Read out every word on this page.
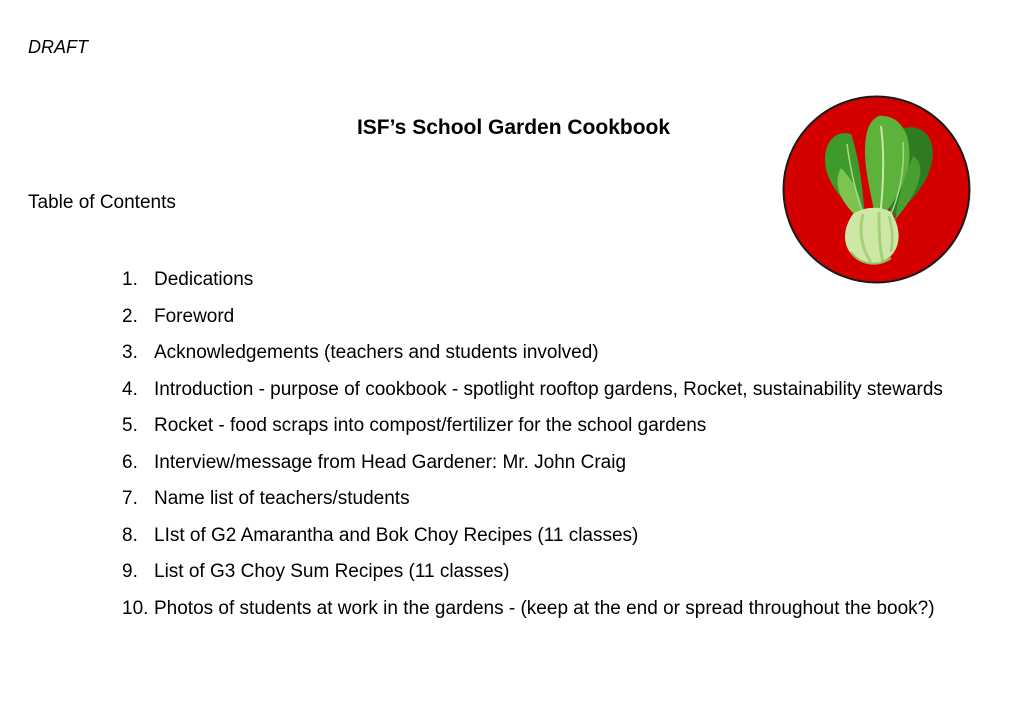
DRAFT
ISF’s School Garden Cookbook
Table of Contents
1. Dedications
2. Foreword
3. Acknowledgements (teachers and students involved)
4. Introduction - purpose of cookbook - spotlight rooftop gardens, Rocket, sustainability stewards
5. Rocket - food scraps into compost/fertilizer for the school gardens
6. Interview/message from Head Gardener: Mr. John Craig
7. Name list of teachers/students
8. LIst of G2 Amarantha and Bok Choy Recipes (11 classes)
9. List of G3 Choy Sum Recipes (11 classes)
10. Photos of students at work in the gardens - (keep at the end or spread throughout the book?)
